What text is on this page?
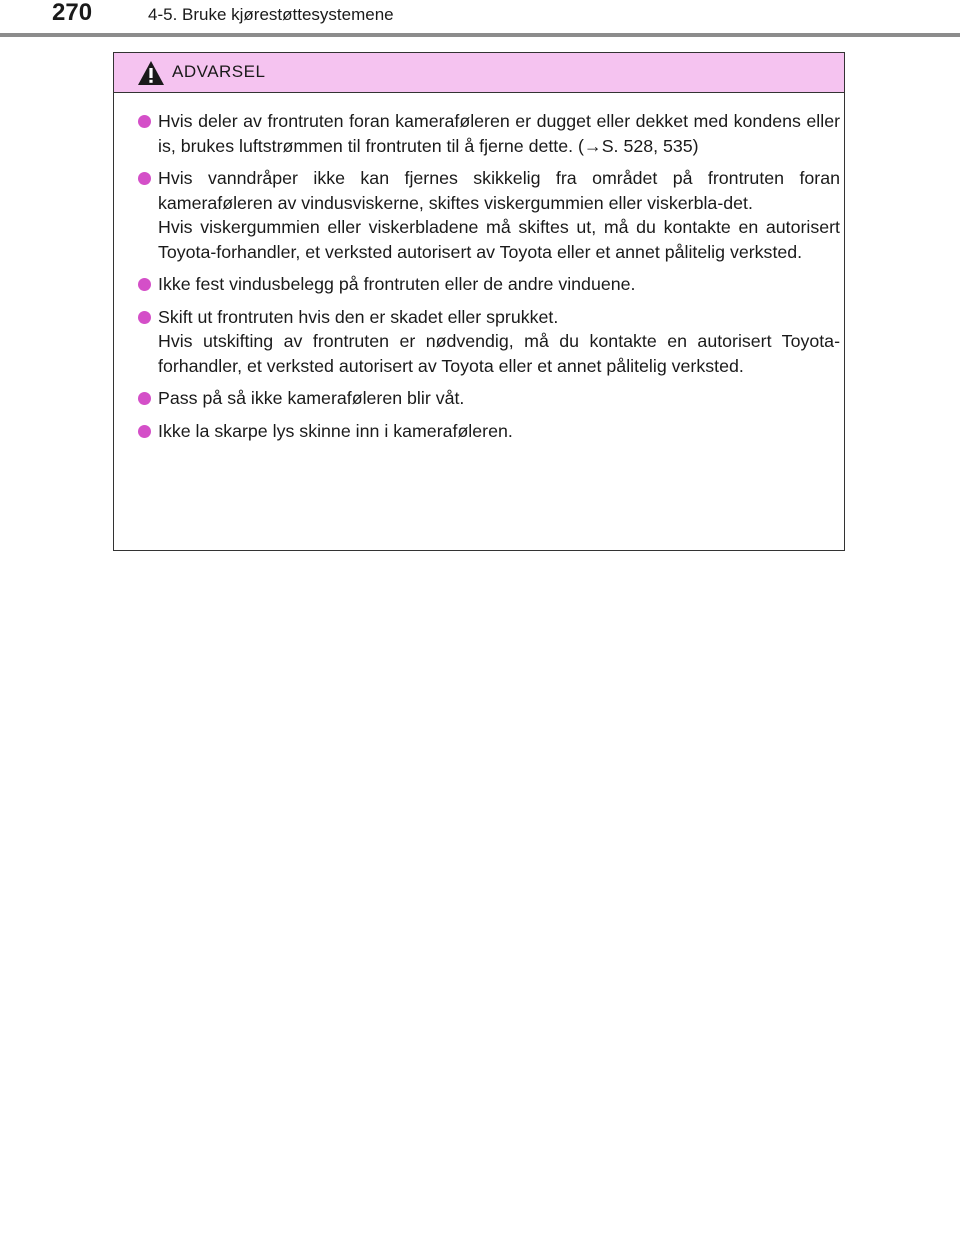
270	4-5. Bruke kjørestøttesystemene
ADVARSEL

Hvis deler av frontruten foran kameraføleren er dugget eller dekket med kondens eller is, brukes luftstrømmen til frontruten til å fjerne dette. (→S. 528, 535)

Hvis vanndråper ikke kan fjernes skikkelig fra området på frontruten foran kameraføleren av vindusviskerne, skiftes viskergummien eller viskerbla-det.

Hvis viskergummien eller viskerbladene må skiftes ut, må du kontakte en autorisert Toyota-forhandler, et verksted autorisert av Toyota eller et annet pålitelig verksted.

Ikke fest vindusbelegg på frontruten eller de andre vinduene.

Skift ut frontruten hvis den er skadet eller sprukket.

Hvis utskifting av frontruten er nødvendig, må du kontakte en autorisert Toyota-forhandler, et verksted autorisert av Toyota eller et annet pålitelig verksted.

Pass på så ikke kameraføleren blir våt.

Ikke la skarpe lys skinne inn i kameraføleren.
